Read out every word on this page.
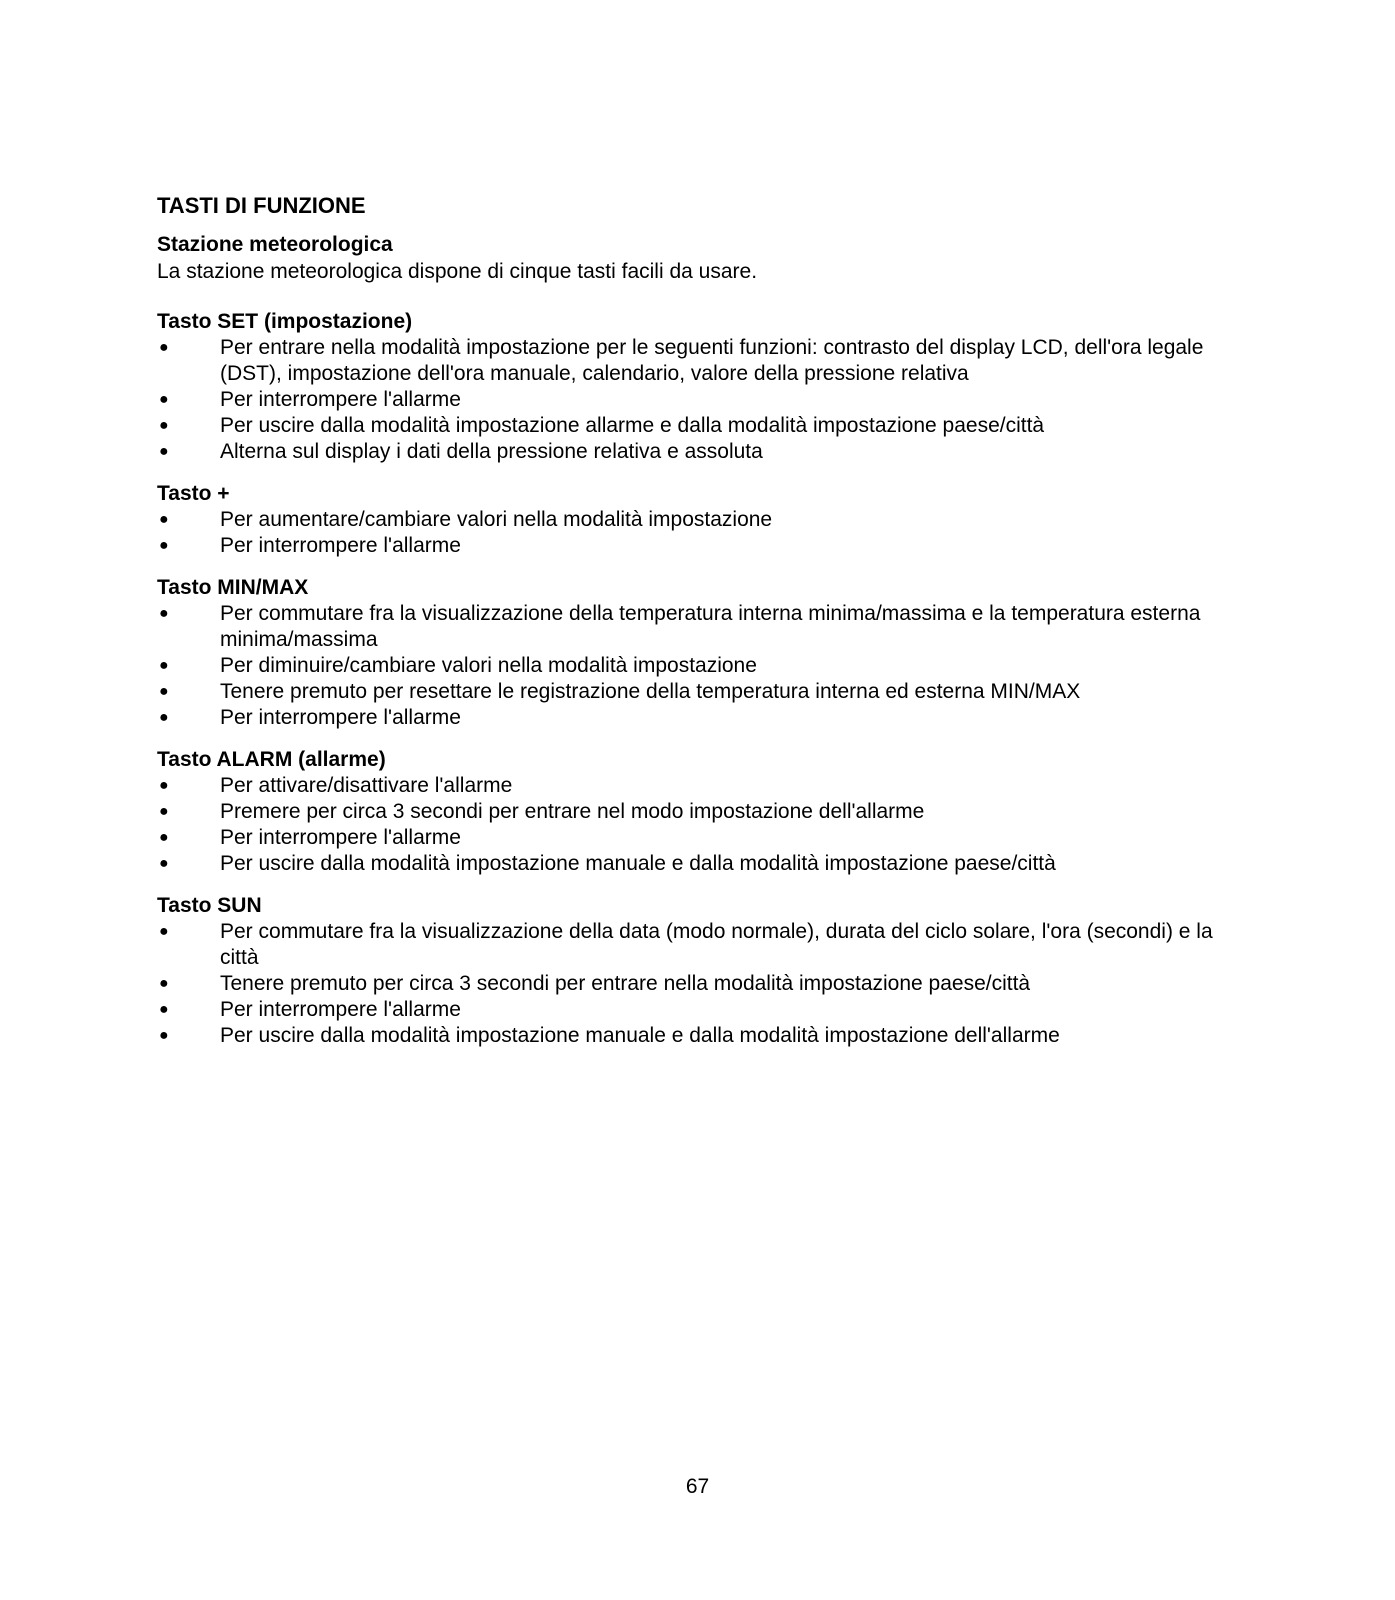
TASTI DI FUNZIONE
Stazione meteorologica

La stazione meteorologica dispone di cinque tasti facili da usare.

Tasto SET (impostazione)
● Per entrare nella modalità impostazione per le seguenti funzioni: contrasto del display LCD, dell'ora legale (DST), impostazione dell'ora manuale, calendario, valore della pressione relativa
● Per interrompere l'allarme
● Per uscire dalla modalità impostazione allarme e dalla modalità impostazione paese/città
● Alterna sul display i dati della pressione relativa e assoluta
Tasto +
● Per aumentare/cambiare valori nella modalità impostazione
● Per interrompere l'allarme
Tasto MIN/MAX
● Per commutare fra la visualizzazione della temperatura interna minima/massima e la temperatura esterna minima/massima
● Per diminuire/cambiare valori nella modalità impostazione
● Tenere premuto per resettare le registrazione della temperatura interna ed esterna MIN/MAX
● Per interrompere l'allarme
Tasto ALARM (allarme)
● Per attivare/disattivare l'allarme
● Premere per circa 3 secondi per entrare nel modo impostazione dell'allarme
● Per interrompere l'allarme
● Per uscire dalla modalità impostazione manuale e dalla modalità impostazione paese/città
Tasto SUN
● Per commutare fra la visualizzazione della data (modo normale), durata del ciclo solare, l'ora (secondi) e la città
● Tenere premuto per circa 3 secondi per entrare nella modalità impostazione paese/città
● Per interrompere l'allarme
● Per uscire dalla modalità impostazione manuale e dalla modalità impostazione dell'allarme
67
